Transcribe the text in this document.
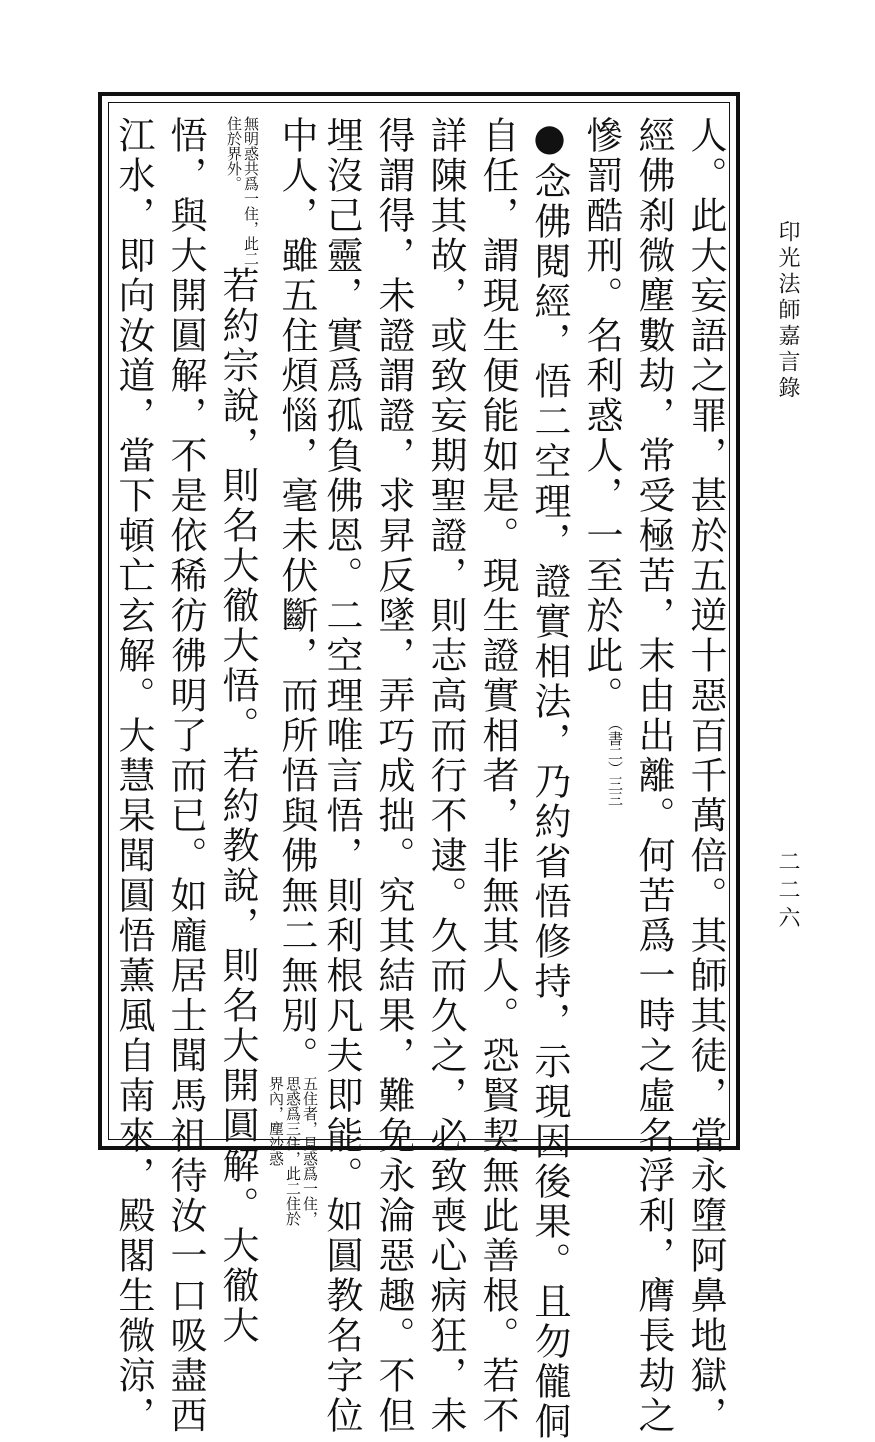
印光法師嘉言錄
二二六
人。此大妄語之罪，甚於五逆十惡百千萬倍。其師其徒，當永墮阿鼻地獄，
經佛刹微塵數劫，常受極苦，末由出離。何苦爲一時之虛名浮利，膺長劫之
慘罰酷刑。名利惑人，一至於此。（書二）三三
●念佛閱經，悟二空理，證實相法，乃約省悟修持，示現因後果。且勿儱侗
自任，謂現生便能如是。現生證實相者，非無其人。恐賢契無此善根。若不
詳陳其故，或致妄期聖證，則志高而行不逮。久而久之，必致喪心病狂，未
得謂得，未證謂證，求昇反墜，弄巧成拙。究其結果，難免永淪惡趣。不但
埋沒己靈，實爲孤負佛恩。二空理唯言悟，則利根凡夫即能。如圓教名字位
中人，雖五住煩惱，毫未伏斷，而所悟與佛無二無別。五住者，見惑爲一住，思惑爲三住，此二住於界內，塵沙惑
無明惑共爲一住，此二住於界外。若約宗說，則名大徹大悟。若約教說，則名大開圓解。大徹大
悟，與大開圓解，不是依稀彷彿明了而已。如龐居士聞馬祖待汝一口吸盡西
江水，即向汝道，當下頓亡玄解。大慧杲聞圓悟薰風自南來，殿閣生微涼，
